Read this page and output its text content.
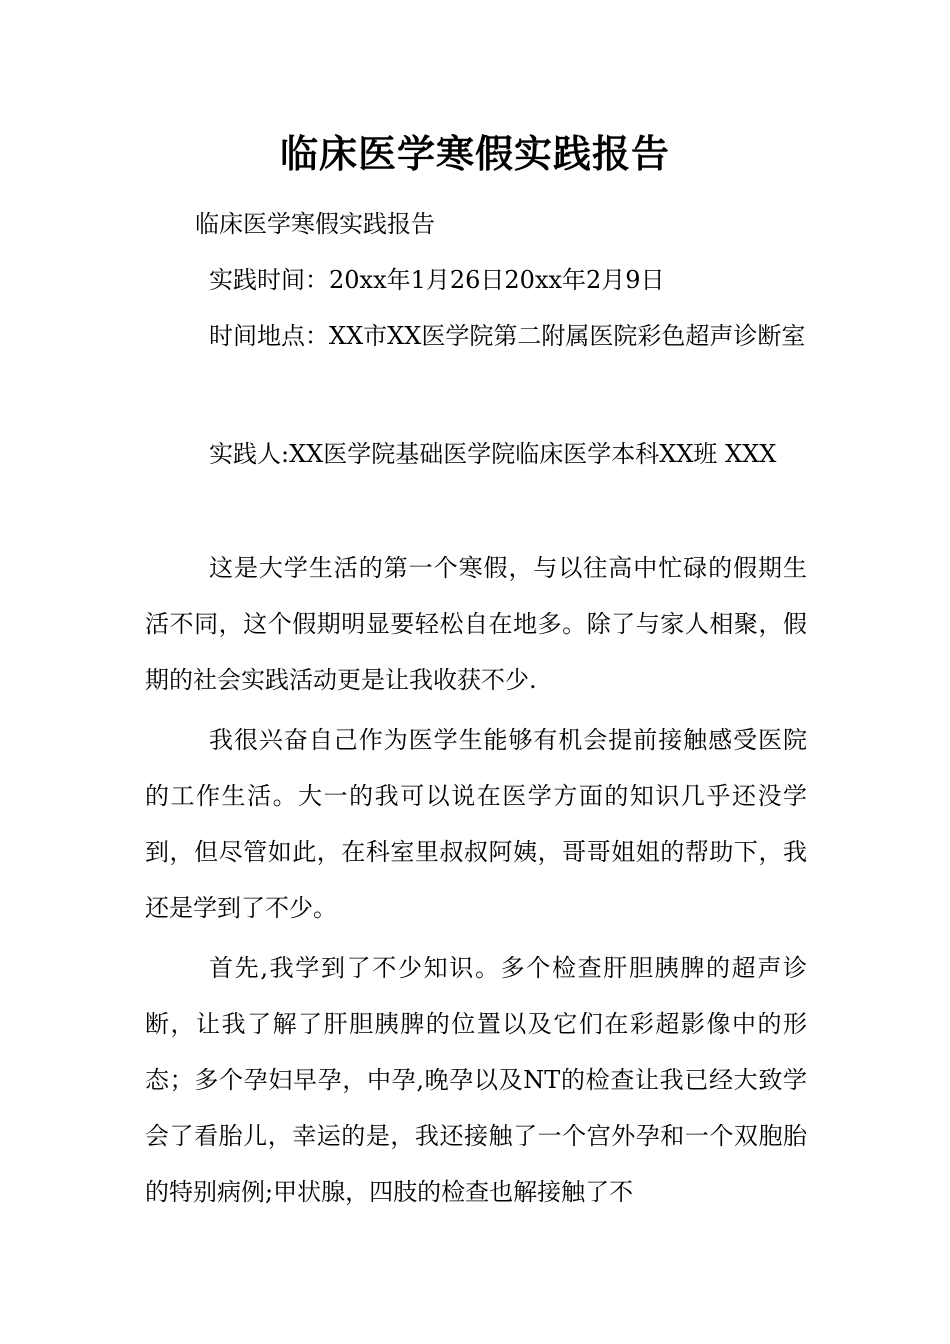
临床医学寒假实践报告
临床医学寒假实践报告
实践时间：20xx年1月26日20xx年2月9日
时间地点：XX市XX医学院第二附属医院彩色超声诊断室
实践人:XX医学院基础医学院临床医学本科XX班 XXX
这是大学生活的第一个寒假，与以往高中忙碌的假期生活不同，这个假期明显要轻松自在地多。除了与家人相聚，假期的社会实践活动更是让我收获不少.
我很兴奋自己作为医学生能够有机会提前接触感受医院的工作生活。大一的我可以说在医学方面的知识几乎还没学到，但尽管如此，在科室里叔叔阿姨，哥哥姐姐的帮助下，我还是学到了不少。
首先,我学到了不少知识。多个检查肝胆胰脾的超声诊断，让我了解了肝胆胰脾的位置以及它们在彩超影像中的形态；多个孕妇早孕，中孕,晚孕以及NT的检查让我已经大致学会了看胎儿，幸运的是，我还接触了一个宫外孕和一个双胞胎的特别病例;甲状腺，四肢的检查也解接触了不
